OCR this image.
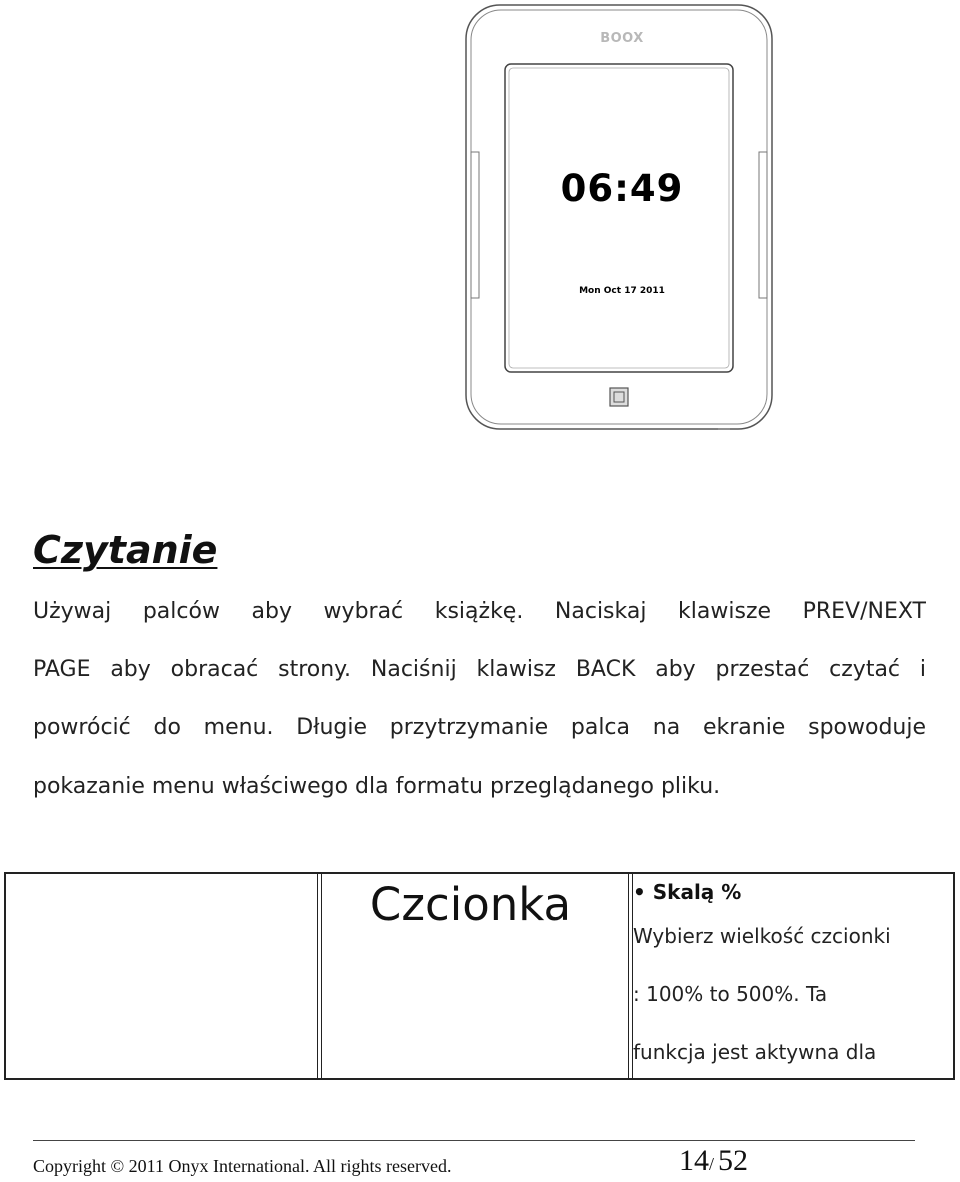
BOOX
06:49
Mon Oct 17 2011
Czytanie
Używaj palców aby wybrać książkę. Naciskaj klawisze PREV/NEXT
PAGE aby obracać strony. Naciśnij klawisz BACK aby przestać czytać i
powrócić do menu. Długie przytrzymanie palca na ekranie spowoduje
pokazanie menu właściwego dla formatu przeglądanego pliku.
Czcionka	• Skalą %
Wybierz wielkość czcionki
: 100% to 500%. Ta
funkcja jest aktywna dla
Copyright © 2011 Onyx International. All rights reserved.	14/ 52
